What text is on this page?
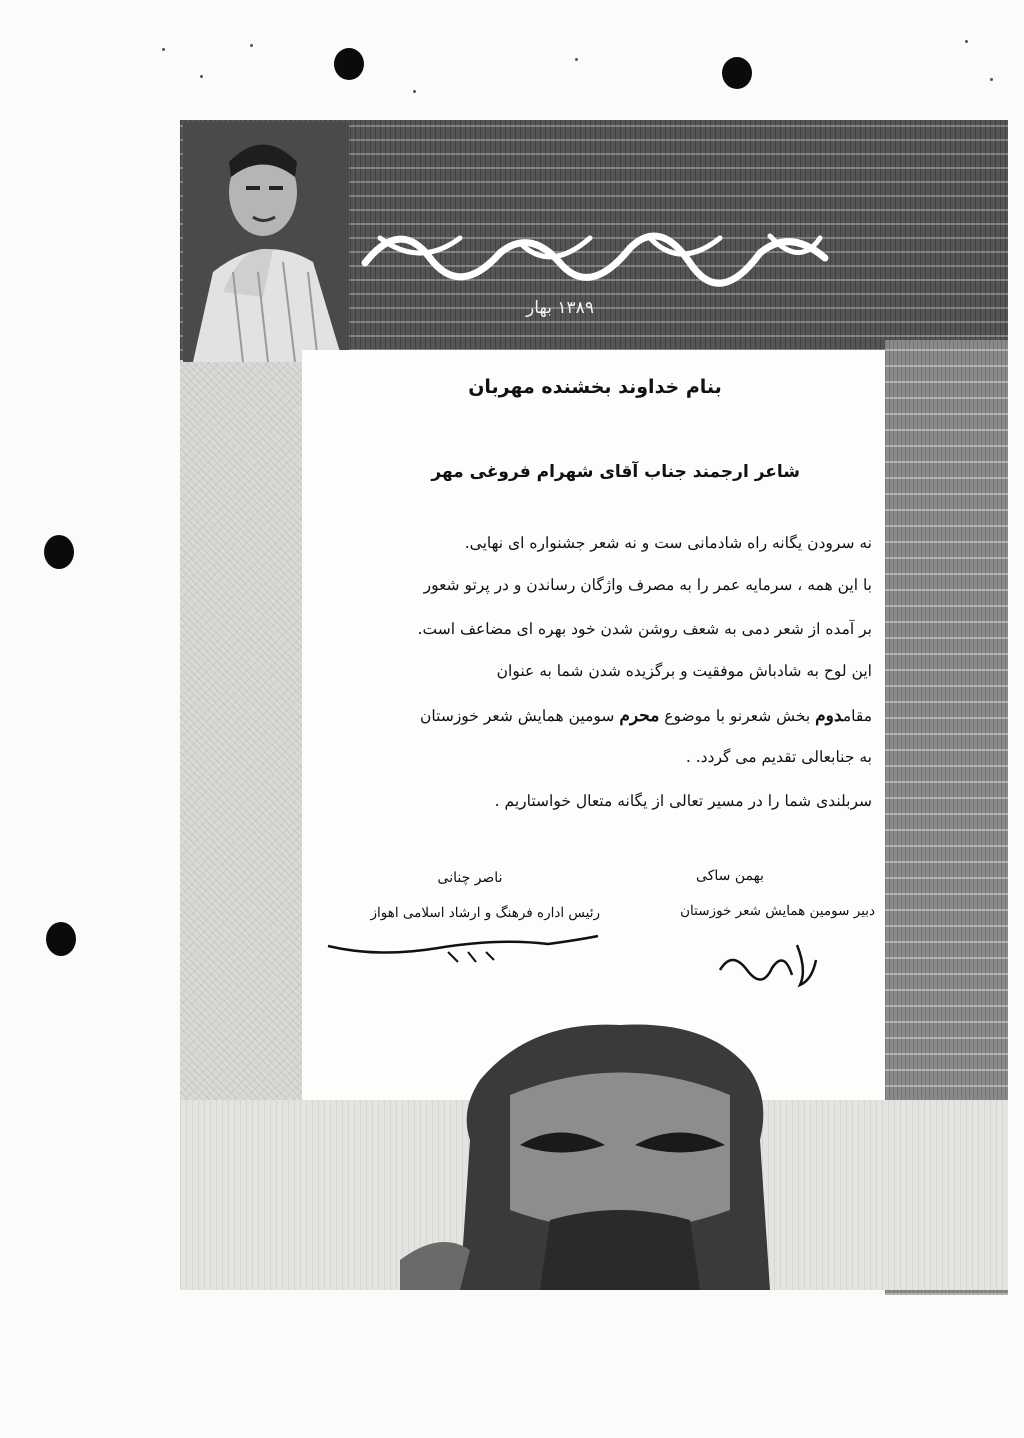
۱۳۸۹ بهار
بنام خداوند بخشنده مهربان
شاعر ارجمند جناب آقای شهرام فروغی مهر
نه سرودن یگانه راه شادمانی ست و نه شعر جشنواره ای نهایی.
با این همه ، سرمایه عمر را به مصرف واژگان رساندن و در پرتو شعور
بر آمده از شعر دمی به شعف روشن شدن خود بهره ای مضاعف است.
این لوح به شادباش موفقیت و برگزیده شدن شما به عنوان
مقامدوم بخش شعرنو با موضوع محرم سومین همایش شعر خوزستان
به جنابعالی تقدیم می گردد. .
سربلندی شما را در مسیر تعالی از یگانه متعال خواستاریم .
بهمن ساکی
دبیر سومین همایش شعر خوزستان
ناصر چنانی
رئیس اداره فرهنگ و ارشاد اسلامی اهواز
